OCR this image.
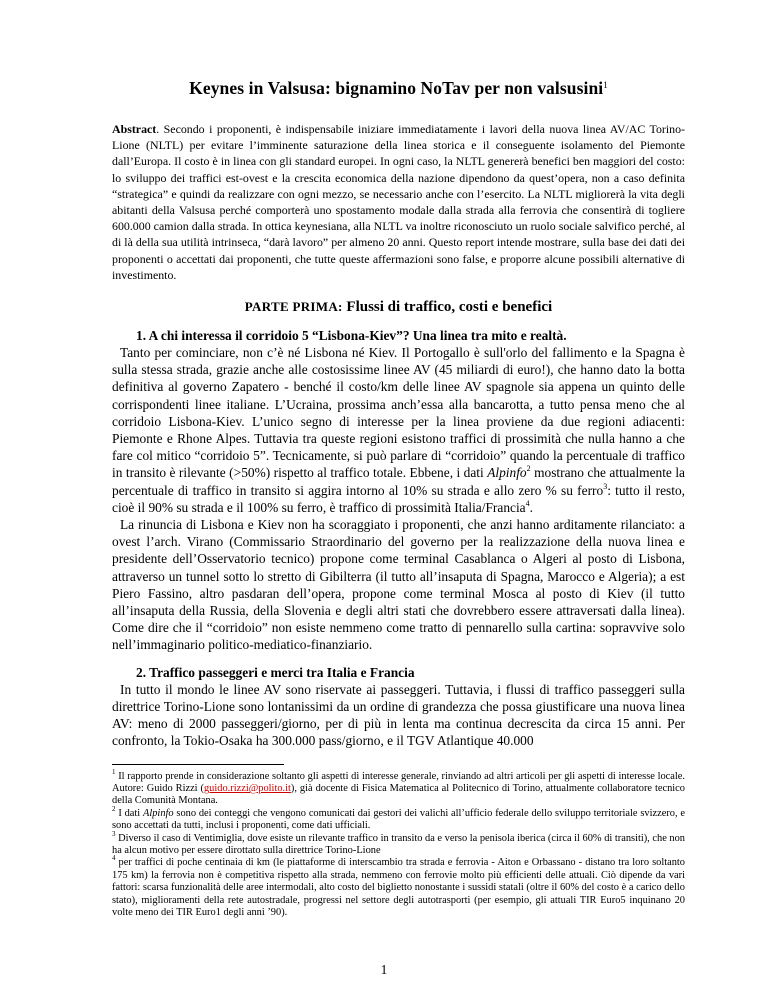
Keynes in Valsusa: bignamino NoTav per non valsusini$^1$

Abstract. Secondo i proponenti, è indispensabile iniziare immediatamente i lavori della nuova linea AV/AC Torino-Lione (NLTL) per evitare l’imminente saturazione della linea storica e il conseguente isolamento del Piemonte dall’Europa. Il costo è in linea con gli standard europei. In ogni caso, la NLTL genererà benefici ben maggiori del costo: lo sviluppo dei traffici est-ovest e la crescita economica della nazione dipendono da quest’opera, non a caso definita “strategica” e quindi da realizzare con ogni mezzo, se necessario anche con l’esercito. La NLTL migliorerà la vita degli abitanti della Valsusa perché comporterà uno spostamento modale dalla strada alla ferrovia che consentirà di togliere 600.000 camion dalla strada. In ottica keynesiana, alla NLTL va inoltre riconosciuto un ruolo sociale salvifico perché, al di là della sua utilità intrinseca, “darà lavoro” per almeno 20 anni. Questo report intende mostrare, sulla base dei dati dei proponenti o accettati dai proponenti, che tutte queste affermazioni sono false, e proporre alcune possibili alternative di investimento.

PARTE PRIMA: Flussi di traffico, costi e benefici

1. A chi interessa il corridoio 5 “Lisbona-Kiev”? Una linea tra mito e realtà.

Tanto per cominciare, non c’è né Lisbona né Kiev. Il Portogallo è sull'orlo del fallimento e la Spagna è sulla stessa strada, grazie anche alle costosissime linee AV (45 miliardi di euro!), che hanno dato la botta definitiva al governo Zapatero - benché il costo/km delle linee AV spagnole sia appena un quinto delle corrispondenti linee italiane. L’Ucraina, prossima anch’essa alla bancarotta, a tutto pensa meno che al corridoio Lisbona-Kiev. L’unico segno di interesse per la linea proviene da due regioni adiacenti: Piemonte e Rhone Alpes. Tuttavia tra queste regioni esistono traffici di prossimità che nulla hanno a che fare col mitico “corridoio 5”. Tecnicamente, si può parlare di “corridoio” quando la percentuale di traffico in transito è rilevante (>50%) rispetto al traffico totale. Ebbene, i dati Alpinfo$^2$ mostrano che attualmente la percentuale di traffico in transito si aggira intorno al 10% su strada e allo zero % su ferro$^3$: tutto il resto, cioè il 90% su strada e il 100% su ferro, è traffico di prossimità Italia/Francia$^4$.

La rinuncia di Lisbona e Kiev non ha scoraggiato i proponenti, che anzi hanno arditamente rilanciato: a ovest l’arch. Virano (Commissario Straordinario del governo per la realizzazione della nuova linea e presidente dell’Osservatorio tecnico) propone come terminal Casablanca o Algeri al posto di Lisbona, attraverso un tunnel sotto lo stretto di Gibilterra (il tutto all’insaputa di Spagna, Marocco e Algeria); a est Piero Fassino, altro pasdaran dell’opera, propone come terminal Mosca al posto di Kiev (il tutto all’insaputa della Russia, della Slovenia e degli altri stati che dovrebbero essere attraversati dalla linea). Come dire che il “corridoio” non esiste nemmeno come tratto di pennarello sulla cartina: sopravvive solo nell’immaginario politico-mediatico-finanziario.

2. Traffico passeggeri e merci tra Italia e Francia

In tutto il mondo le linee AV sono riservate ai passeggeri. Tuttavia, i flussi di traffico passeggeri sulla direttrice Torino-Lione sono lontanissimi da un ordine di grandezza che possa giustificare una nuova linea AV: meno di 2000 passeggeri/giorno, per di più in lenta ma continua decrescita da circa 15 anni. Per confronto, la Tokio-Osaka ha 300.000 pass/giorno, e il TGV Atlantique 40.000

$^1$ Il rapporto prende in considerazione soltanto gli aspetti di interesse generale, rinviando ad altri articoli per gli aspetti di interesse locale. Autore: Guido Rizzi (guido.rizzi@polito.it), già docente di Fisica Matematica al Politecnico di Torino, attualmente collaboratore tecnico della Comunità Montana.

$^2$ I dati Alpinfo sono dei conteggi che vengono comunicati dai gestori dei valichi all’ufficio federale dello sviluppo territoriale svizzero, e sono accettati da tutti, inclusi i proponenti, come dati ufficiali.

$^3$ Diverso il caso di Ventimiglia, dove esiste un rilevante traffico in transito da e verso la penisola iberica (circa il 60% di transiti), che non ha alcun motivo per essere dirottato sulla direttrice Torino-Lione

$^4$ per traffici di poche centinaia di km (le piattaforme di interscambio tra strada e ferrovia - Aiton e Orbassano - distano tra loro soltanto 175 km) la ferrovia non è competitiva rispetto alla strada, nemmeno con ferrovie molto più efficienti delle attuali. Ciò dipende da vari fattori: scarsa funzionalità delle aree intermodali, alto costo del biglietto nonostante i sussidi statali (oltre il 60% del costo è a carico dello stato), miglioramenti della rete autostradale, progressi nel settore degli autotrasporti (per esempio, gli attuali TIR Euro5 inquinano 20 volte meno dei TIR Euro1 degli anni ’90).

1
